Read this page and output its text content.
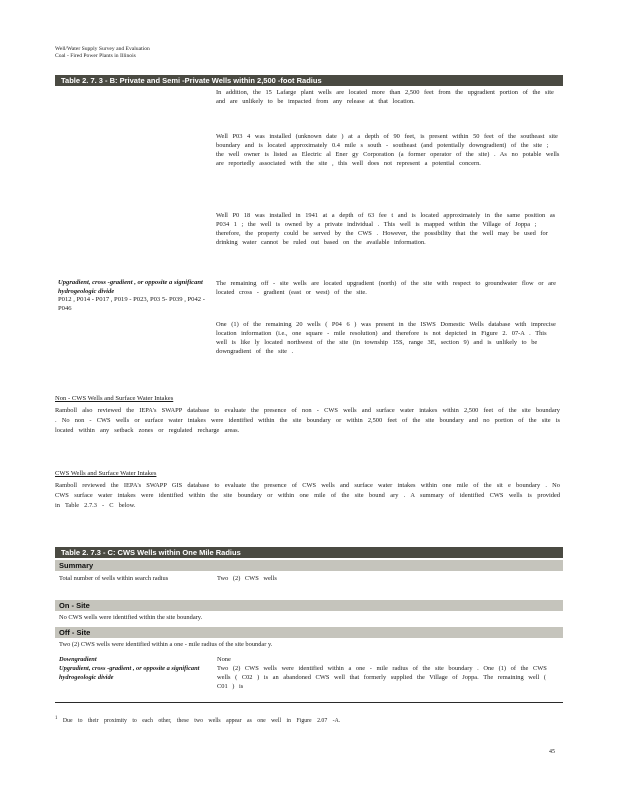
Well/Water Supply Survey and Evaluation
Coal - Fired Power Plants in Illinois
Table 2. 7. 3 - B: Private and Semi -Private Wells within 2,500 -foot Radius
In addition, the 15 Lafarge plant wells are located more than 2,500 feet from the upgradient portion of the site and are unlikely to be impacted from any release at that location.
Well P03 4 was installed (unknown date ) at a depth of 90 feet, is present within 50 feet of the southeast site boundary and is located approximately 0.4 mile s south - southeast (and potentially downgradient) of the site ; the well owner is listed as Electric al Ener gy Corporation (a former operator of the site) . As no potable wells are reportedly associated with the site , this well does not represent a potential concern.
Well P0 18 was installed in 1941 at a depth of 63 fee t and is located approximately in the same position as P034 1 ; the well is owned by a private individual . This well is mapped within the Village of Joppa ; therefore, the property could be served by the CWS . However, the possibility that the well may be used for drinking water cannot be ruled out based on the available information.
The remaining off - site wells are located upgradient (north) of the site with respect to groundwater flow or are located cross - gradient (east or west) of the site.
One (1) of the remaining 20 wells ( P04 6 ) was present in the ISWS Domestic Wells database with imprecise location information (i.e., one square - mile resolution) and therefore is not depicted in Figure 2. 07-A . This well is like ly located northwest of the site (in township 15S, range 3E, section 9) and is unlikely to be downgradient of the site .
Upgradient, cross -gradient , or opposite a significant hydrogeologic divide
P012 , P014 - P017 , P019 - P023, P03 5- P039 , P042 - P046
Non - CWS Wells and Surface Water Intakes
Ramboll also reviewed the IEPA's SWAPP database to evaluate the presence of non - CWS wells and surface water intakes within 2,500 feet of the site boundary . No non - CWS wells or surface water intakes were identified within the site boundary or within 2,500 feet of the site boundary and no portion of the site is located within any setback zones or regulated recharge areas.
CWS Wells and Surface Water Intakes
Ramboll reviewed the IEPA's SWAPP GIS database to evaluate the presence of CWS wells and surface water intakes within one mile of the sit e boundary . No CWS surface water intakes were identified within the site boundary or within one mile of the site bound ary . A summary of identified CWS wells is provided in Table 2.7.3 - C below.
Table 2. 7.3 - C: CWS Wells within One Mile Radius
Summary
Total number of wells within search radius	Two (2) CWS wells
On - Site
No CWS wells were identified within the site boundary.
Off - Site
Two (2) CWS wells were identified within a one - mile radius of the site boundar y.
Downgradient	None
Upgradient, cross -gradient , or opposite a significant hydrogeologic divide
Two (2) CWS wells were identified within a one - mile radius of the site boundary . One (1) of the CWS wells ( C02 ) is an abandoned CWS well that formerly supplied the Village of Joppa. The remaining well ( C01 ) is
$^1$ Due to their proximity to each other, these two wells appear as one well in Figure 2.07 -A.
45
